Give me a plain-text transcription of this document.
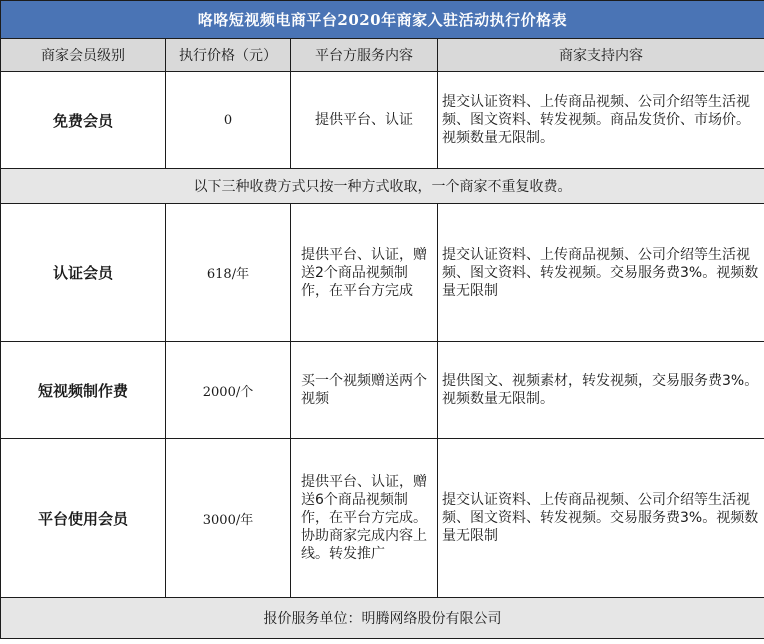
咯咯短视频电商平台2020年商家入驻活动执行价格表			
商家会员级别	执行价格（元）	平台方服务内容	商家支持内容
免费会员	0	提供平台、认证	提交认证资料、上传商品视频、公司介绍等生活视频、图文资料、转发视频。商品发货价、市场价。视频数量无限制。

以下三种收费方式只按一种方式收取，一个商家不重复收费。			
认证会员	618/年	提供平台、认证，赠送2个商品视频制作，在平台方完成	提交认证资料、上传商品视频、公司介绍等生活视频、图文资料、转发视频。交易服务费3%。视频数量无限制

短视频制作费	2000/个	买一个视频赠送两个视频	提供图文、视频素材，转发视频，交易服务费3%。视频数量无限制。

平台使用会员	3000/年	提供平台、认证，赠送6个商品视频制作，在平台方完成。协助商家完成内容上线。转发推广	提交认证资料、上传商品视频、公司介绍等生活视频、图文资料、转发视频。交易服务费3%。视频数量无限制

报价服务单位：明腾网络股份有限公司			
